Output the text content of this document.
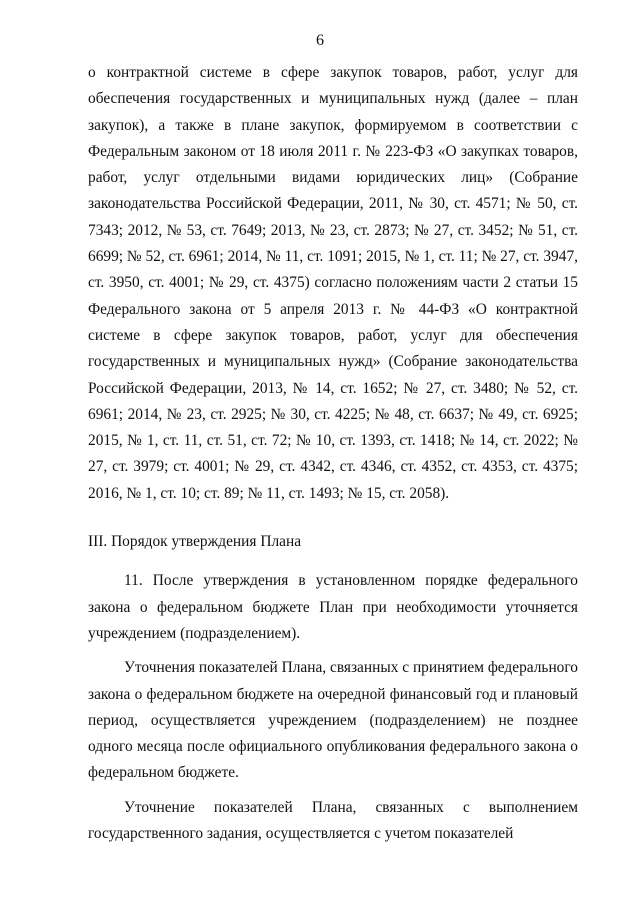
6

о контрактной системе в сфере закупок товаров, работ, услуг для обеспечения государственных и муниципальных нужд (далее – план закупок), а также в плане закупок, формируемом в соответствии с Федеральным законом от 18 июля 2011 г. № 223-ФЗ «О закупках товаров, работ, услуг отдельными видами юридических лиц» (Собрание законодательства Российской Федерации, 2011, № 30, ст. 4571; № 50, ст. 7343; 2012, № 53, ст. 7649; 2013, № 23, ст. 2873; № 27, ст. 3452; № 51, ст. 6699; № 52, ст. 6961; 2014, № 11, ст. 1091; 2015, № 1, ст. 11; № 27, ст. 3947, ст. 3950, ст. 4001; № 29, ст. 4375) согласно положениям части 2 статьи 15 Федерального закона от 5 апреля 2013 г. № 44-ФЗ «О контрактной системе в сфере закупок товаров, работ, услуг для обеспечения государственных и муниципальных нужд» (Собрание законодательства Российской Федерации, 2013, № 14, ст. 1652; № 27, ст. 3480; № 52, ст. 6961; 2014, № 23, ст. 2925; № 30, ст. 4225; № 48, ст. 6637; № 49, ст. 6925; 2015, № 1, ст. 11, ст. 51, ст. 72; № 10, ст. 1393, ст. 1418; № 14, ст. 2022; № 27, ст. 3979; ст. 4001; № 29, ст. 4342, ст. 4346, ст. 4352, ст. 4353, ст. 4375; 2016, № 1, ст. 10; ст. 89; № 11, ст. 1493; № 15, ст. 2058).

III. Порядок утверждения Плана

11. После утверждения в установленном порядке федерального закона о федеральном бюджете План при необходимости уточняется учреждением (подразделением).

Уточнения показателей Плана, связанных с принятием федерального закона о федеральном бюджете на очередной финансовый год и плановый период, осуществляется учреждением (подразделением) не позднее одного месяца после официального опубликования федерального закона о федеральном бюджете.

Уточнение показателей Плана, связанных с выполнением государственного задания, осуществляется с учетом показателей
